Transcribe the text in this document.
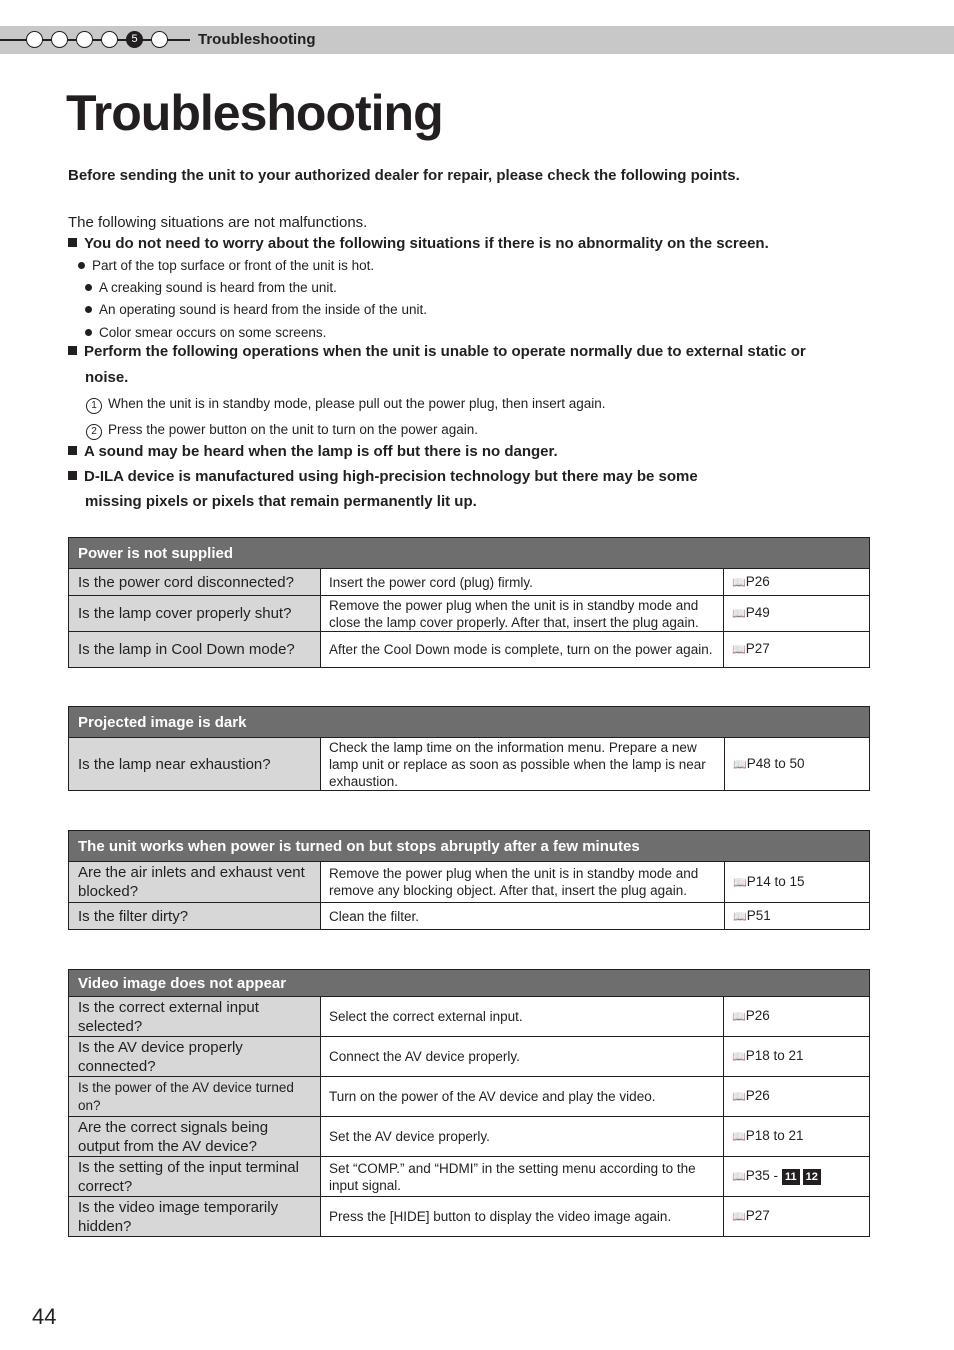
5	Troubleshooting
Troubleshooting
Before sending the unit to your authorized dealer for repair, please check the following points.
The following situations are not malfunctions.
You do not need to worry about the following situations if there is no abnormality on the screen.
Part of the top surface or front of the unit is hot.
A creaking sound is heard from the unit.
An operating sound is heard from the inside of the unit.
Color smear occurs on some screens.
Perform the following operations when the unit is unable to operate normally due to external static or
noise.
1 When the unit is in standby mode, please pull out the power plug, then insert again.
2 Press the power button on the unit to turn on the power again.
A sound may be heard when the lamp is off but there is no danger.
D-ILA device is manufactured using high-precision technology but there may be some
missing pixels or pixels that remain permanently lit up.
Power is not supplied		
Is the power cord disconnected?	Insert the power cord (plug) firmly.	📖P26
Is the lamp cover properly shut?	Remove the power plug when the unit is in standby mode and close the lamp cover properly. After that, insert the plug again.	📖P49
Is the lamp in Cool Down mode?	After the Cool Down mode is complete, turn on the power again.	📖P27
Projected image is dark
Is the lamp near exhaustion?	Check the lamp time on the information menu. Prepare a new lamp unit or replace as soon as possible when the lamp is near exhaustion.	📖P48 to 50
The unit works when power is turned on but stops abruptly after a few minutes		
Are the air inlets and exhaust vent blocked?	Remove the power plug when the unit is in standby mode and remove any blocking object. After that, insert the plug again.	📖P14 to 15
Is the filter dirty?	Clean the filter.	📖P51
Video image does not appear		
Is the correct external input selected?	Select the correct external input.	📖P26
Is the AV device properly connected?	Connect the AV device properly.	📖P18 to 21
Is the power of the AV device turned on?	Turn on the power of the AV device and play the video.	📖P26
Are the correct signals being output from the AV device?	Set the AV device properly.	📖P18 to 21
Is the setting of the input terminal correct?	Set “COMP.” and “HDMI” in the setting menu according to the input signal.	📖P35 - 11 12
Is the video image temporarily hidden?	Press the [HIDE] button to display the video image again.	📖P27
44
